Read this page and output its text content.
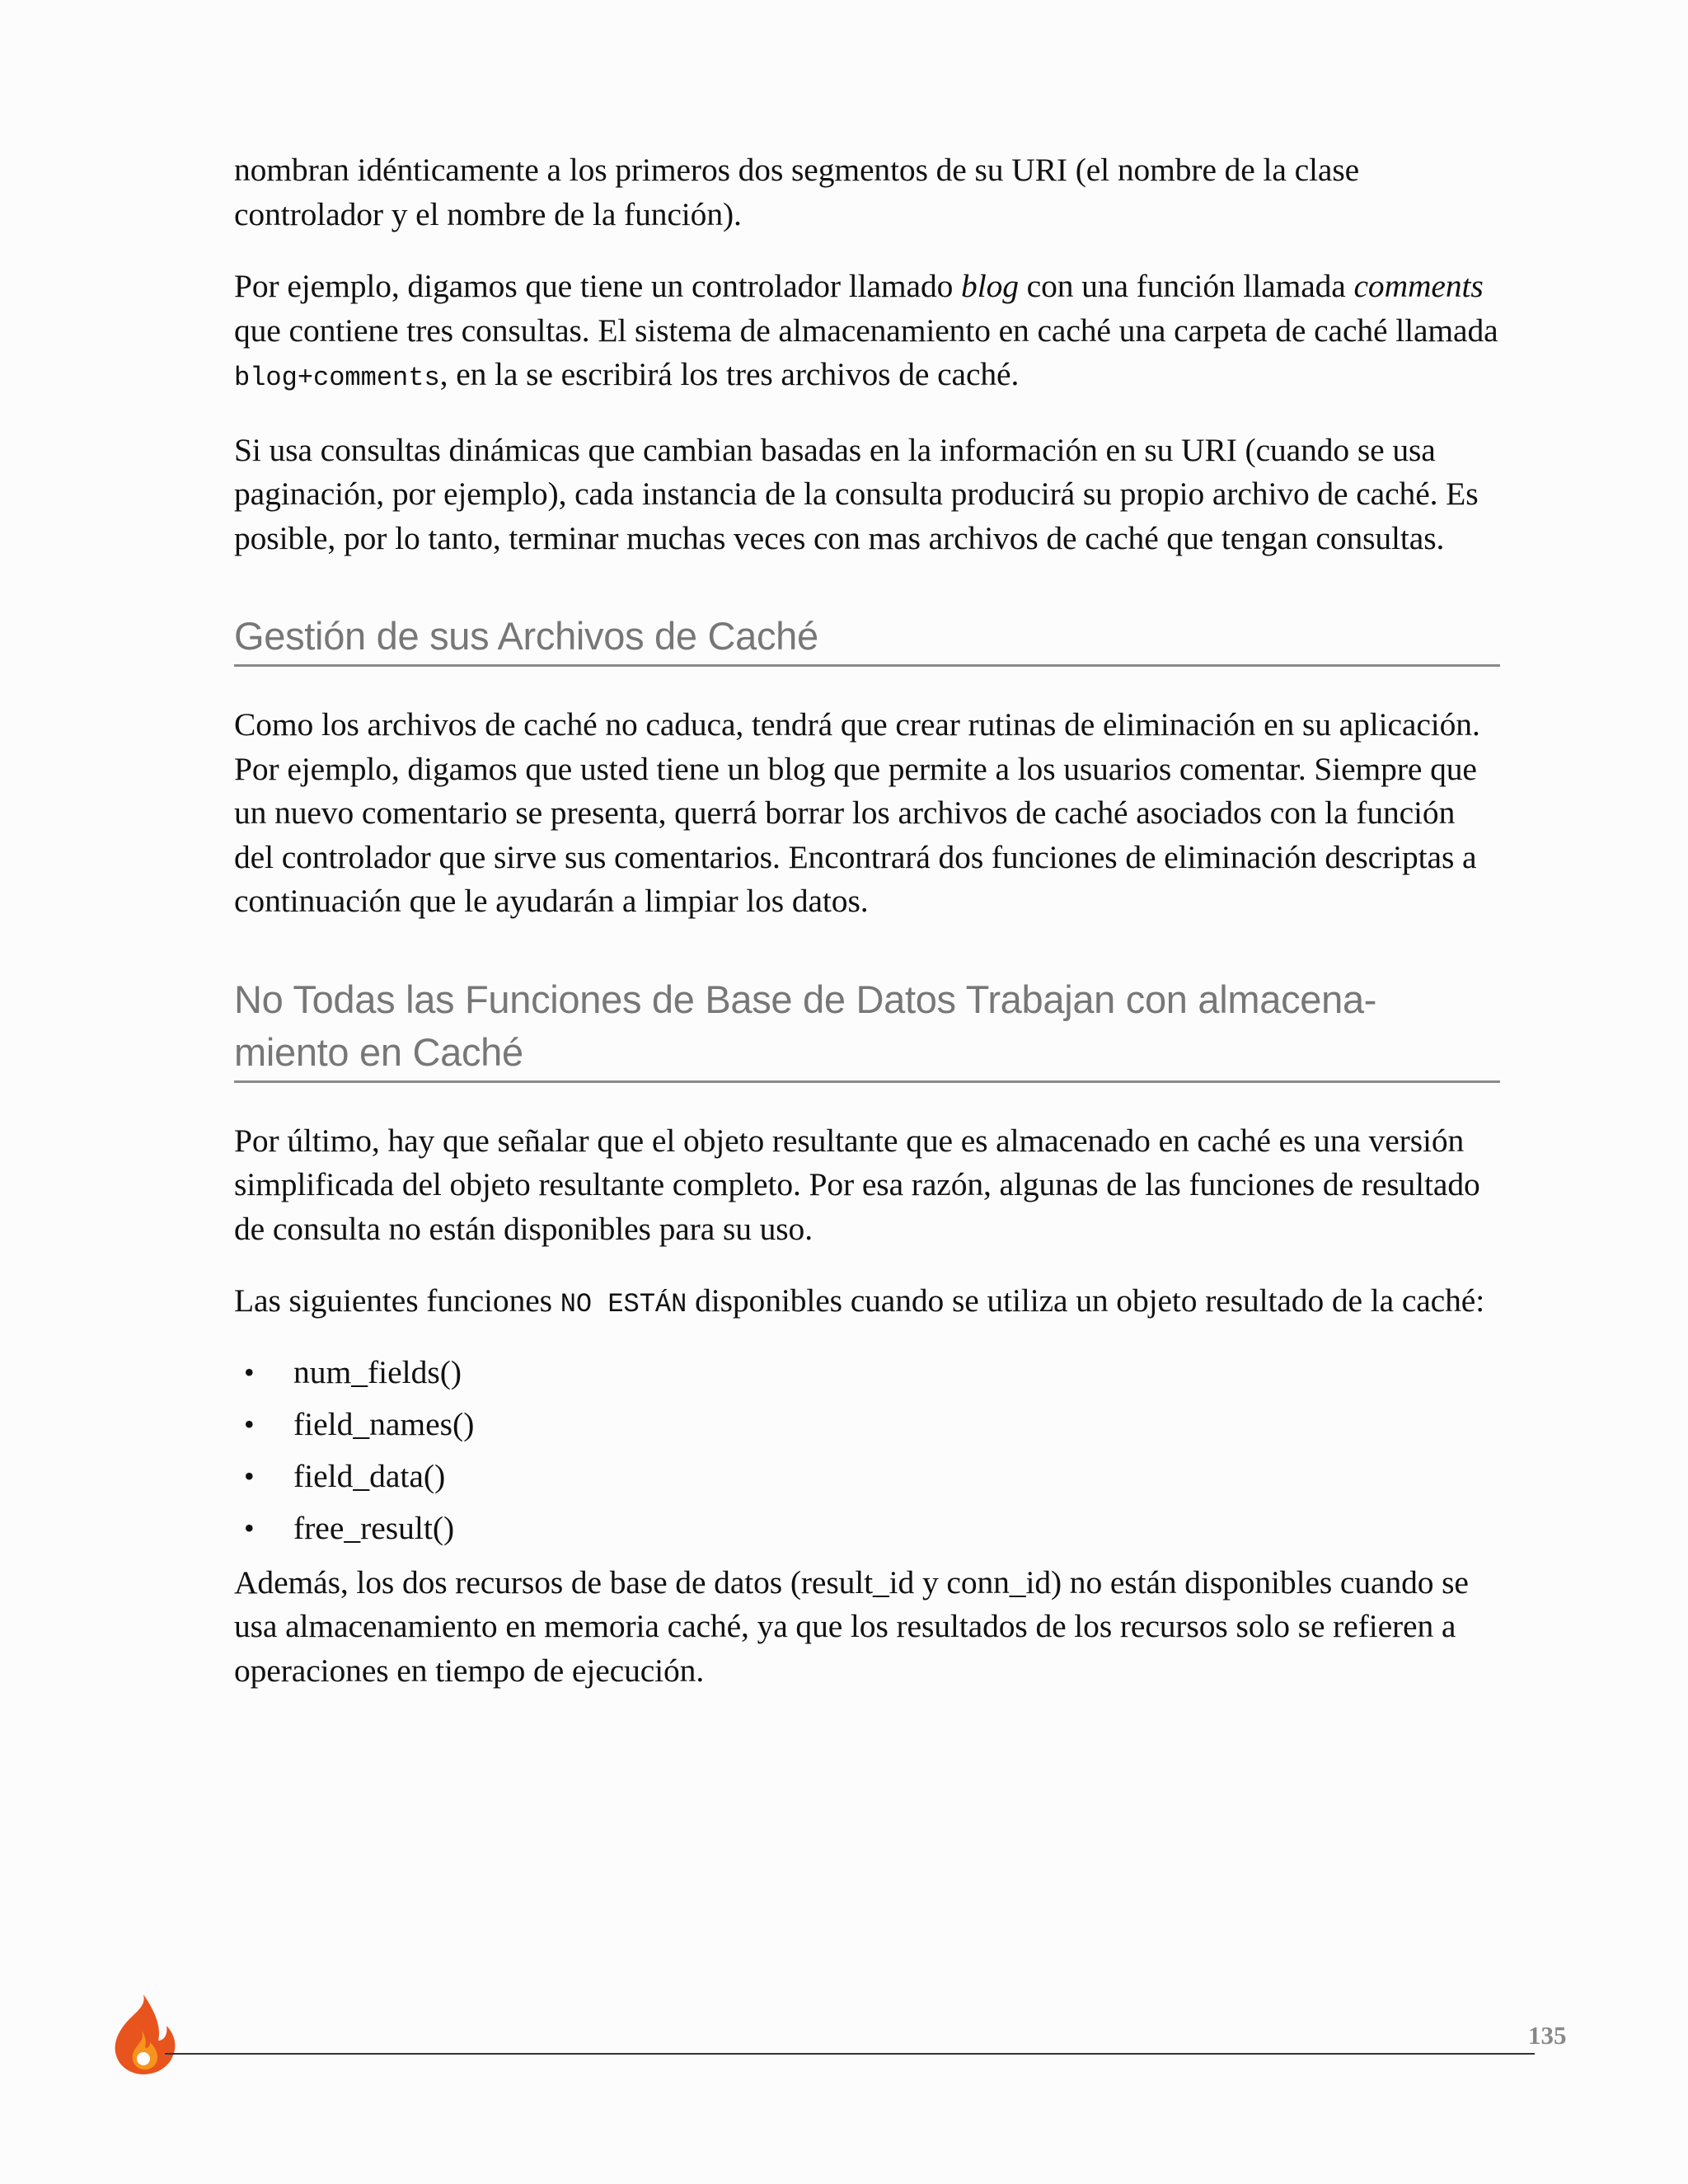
nombran idénticamente a los primeros dos segmentos de su URI (el nombre de la clase controlador y el nombre de la función).

Por ejemplo, digamos que tiene un controlador llamado blog con una función llamada comments que contiene tres consultas. El sistema de almacenamiento en caché una carpeta de caché llamada blog+comments, en la se escribirá los tres archivos de caché.

Si usa consultas dinámicas que cambian basadas en la información en su URI (cuando se usa paginación, por ejemplo), cada instancia de la consulta producirá su propio archivo de caché. Es posible, por lo tanto, terminar muchas veces con mas archivos de caché que tengan consultas.

Gestión de sus Archivos de Caché

Como los archivos de caché no caduca, tendrá que crear rutinas de eliminación en su aplicación. Por ejemplo, digamos que usted tiene un blog que permite a los usuarios comentar. Siempre que un nuevo comentario se presenta, querrá borrar los archivos de caché asociados con la función del controlador que sirve sus comentarios. Encontrará dos funciones de eliminación descriptas a continuación que le ayudarán a limpiar los datos.

No Todas las Funciones de Base de Datos Trabajan con almacena-miento en Caché

Por último, hay que señalar que el objeto resultante que es almacenado en caché es una versión simplificada del objeto resultante completo. Por esa razón, algunas de las funciones de resultado de consulta no están disponibles para su uso.

Las siguientes funciones NO ESTÁN disponibles cuando se utiliza un objeto resultado de la caché:

• num_fields()
• field_names()
• field_data()
• free_result()

Además, los dos recursos de base de datos (result_id y conn_id) no están disponibles cuando se usa almacenamiento en memoria caché, ya que los resultados de los recursos solo se refieren a operaciones en tiempo de ejecución.

135
